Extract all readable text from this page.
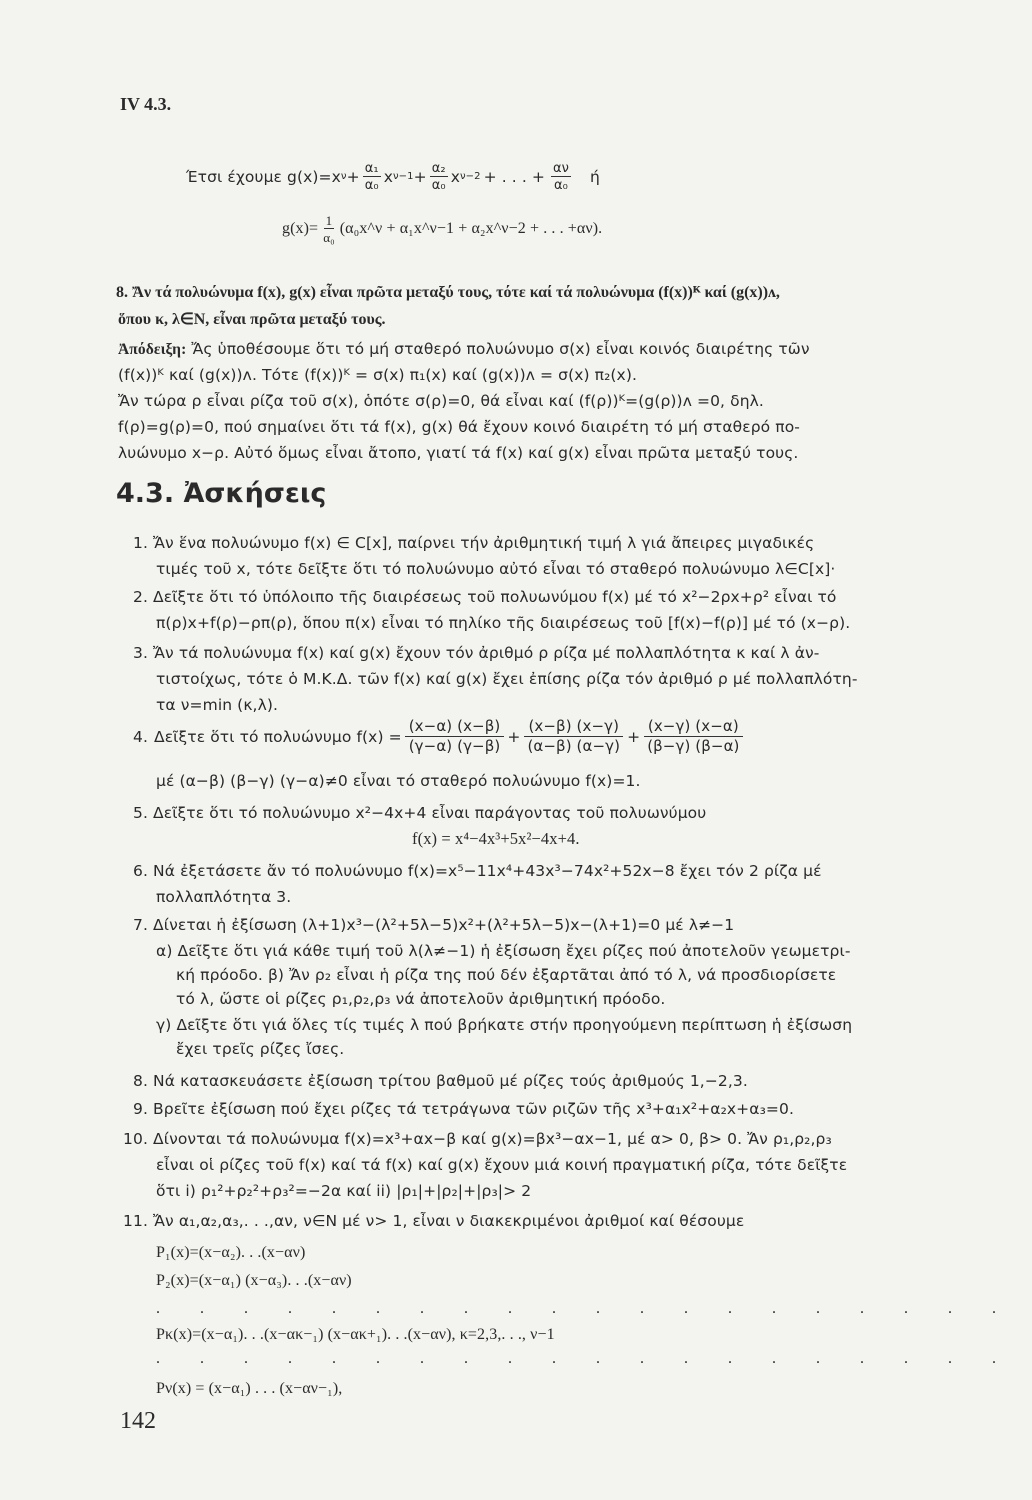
IV 4.3.
Έτσι έχουμε g(x)=x $\nu + \frac{\text{α₁}}{\text{α₀}}$ x $\nu-1 + \frac{\text{α₂}}{\text{α₀}}$ x ν−2 + . . . + $\frac{\alpha\nu}{\text{α₀}}$ ή
$g(x)= \frac{1}{\text{α₀}}$ (α₀x^ν + α₁x^ν−1 + α₂x^ν−2 + . . . +αν).
8. Ἄν τά πολυώνυμα f(x), g(x) εἶναι πρῶτα μεταξύ τους, τότε καί τά πολυώνυμα (f(x))ᴷ καί (g(x))ᴧ,
ὅπου κ, λ∈Ν, εἶναι πρῶτα μεταξύ τους.
Ἀπόδειξη: Ἄς ὑποθέσουμε ὅτι τό μή σταθερό πολυώνυμο σ(x) εἶναι κοινός διαιρέτης τῶν
(f(x))ᴷ καί (g(x))ᴧ. Τότε (f(x))ᴷ = σ(x) π₁(x) καί (g(x))ᴧ = σ(x) π₂(x).
Ἄν τώρα ρ εἶναι ρίζα τοῦ σ(x), ὁπότε σ(ρ)=0, θά εἶναι καί (f(ρ))ᴷ=(g(ρ))ᴧ =0, δηλ.
f(ρ)=g(ρ)=0, πού σημαίνει ὅτι τά f(x), g(x) θά ἔχουν κοινό διαιρέτη τό μή σταθερό πο-
λυώνυμο x−ρ. Αὐτό ὅμως εἶναι ἄτοπο, γιατί τά f(x) καί g(x) εἶναι πρῶτα μεταξύ τους.
4.3. Ἀσκήσεις
1. Ἄν ἕνα πολυώνυμο f(x) ∈ C[x], παίρνει τήν ἀριθμητική τιμή λ γιά ἄπειρες μιγαδικές
τιμές τοῦ x, τότε δεῖξτε ὅτι τό πολυώνυμο αὐτό εἶναι τό σταθερό πολυώνυμο λ∈C[x]·
2. Δεῖξτε ὅτι τό ὑπόλοιπο τῆς διαιρέσεως τοῦ πολυωνύμου f(x) μέ τό x²−2ρx+ρ² εἶναι τό
π(ρ)x+f(ρ)−ρπ(ρ), ὅπου π(x) εἶναι τό πηλίκο τῆς διαιρέσεως τοῦ [f(x)−f(ρ)] μέ τό (x−ρ).
3. Ἄν τά πολυώνυμα f(x) καί g(x) ἔχουν τόν ἀριθμό ρ ρίζα μέ πολλαπλότητα κ καί λ ἀν-
τιστοίχως, τότε ὁ Μ.Κ.Δ. τῶν f(x) καί g(x) ἔχει ἐπίσης ρίζα τόν ἀριθμό ρ μέ πολλαπλότη-
τα ν=min (κ,λ).
4. Δεῖξτε ὅτι τό πολυώνυμο $f(x) = \frac{(x-\alpha) (x-\beta)}{(\gamma-\alpha) (\gamma-\beta)} + \frac{(x-\beta) (x-\gamma)}{(\alpha-\beta) (\alpha-\gamma)} + \frac{(x-\gamma) (x-\alpha)}{(\beta-\gamma) (\beta-\alpha)}$
μέ (α−β) (β−γ) (γ−α)≠0 εἶναι τό σταθερό πολυώνυμο f(x)=1.
5. Δεῖξτε ὅτι τό πολυώνυμο x²−4x+4 εἶναι παράγοντας τοῦ πολυωνύμου
f(x) = x⁴−4x³+5x²−4x+4.
6. Νά ἐξετάσετε ἄν τό πολυώνυμο f(x)=x⁵−11x⁴+43x³−74x²+52x−8 ἔχει τόν 2 ρίζα μέ
πολλαπλότητα 3.
7. Δίνεται ἡ ἐξίσωση (λ+1)x³−(λ²+5λ−5)x²+(λ²+5λ−5)x−(λ+1)=0 μέ λ≠−1
α) Δεῖξτε ὅτι γιά κάθε τιμή τοῦ λ(λ≠−1) ἡ ἐξίσωση ἔχει ρίζες πού ἀποτελοῦν γεωμετρι-
κή πρόοδο. β) Ἄν ρ₂ εἶναι ἡ ρίζα της πού δέν ἐξαρτᾶται ἀπό τό λ, νά προσδιορίσετε
τό λ, ὥστε οἱ ρίζες ρ₁,ρ₂,ρ₃ νά ἀποτελοῦν ἀριθμητική πρόοδο.
γ) Δεῖξτε ὅτι γιά ὅλες τίς τιμές λ πού βρήκατε στήν προηγούμενη περίπτωση ἡ ἐξίσωση
ἔχει τρεῖς ρίζες ἴσες.
8. Νά κατασκευάσετε ἐξίσωση τρίτου βαθμοῦ μέ ρίζες τούς ἀριθμούς 1,−2,3.
9. Βρεῖτε ἐξίσωση πού ἔχει ρίζες τά τετράγωνα τῶν ριζῶν τῆς x³+α₁x²+α₂x+α₃=0.
10. Δίνονται τά πολυώνυμα f(x)=x³+αx−β καί g(x)=βx³−αx−1, μέ α> 0, β> 0. Ἄν ρ₁,ρ₂,ρ₃
εἶναι οἱ ρίζες τοῦ f(x) καί τά f(x) καί g(x) ἔχουν μιά κοινή πραγματική ρίζα, τότε δεῖξτε
ὅτι i) ρ₁²+ρ₂²+ρ₃²=−2α καί ii) |ρ₁|+|ρ₂|+|ρ₃|> 2
11. Ἄν α₁,α₂,α₃,. . .,αν, ν∈N μέ ν> 1, εἶναι ν διακεκριμένοι ἀριθμοί καί θέσουμε
P₁(x)=(x−α₂). . .(x−αν)
P₂(x)=(x−α₁) (x−α₃). . .(x−αν)
. . . . . . . . . . . . . . . . . . . .
Pκ(x)=(x−α₁). . .(x−ακ−₁) (x−ακ+₁). . .(x−αν), κ=2,3,. . ., ν−1
. . . . . . . . . . . . . . . . . . . .
Pν(x) = (x−α₁) . . . (x−αν−₁),
142
